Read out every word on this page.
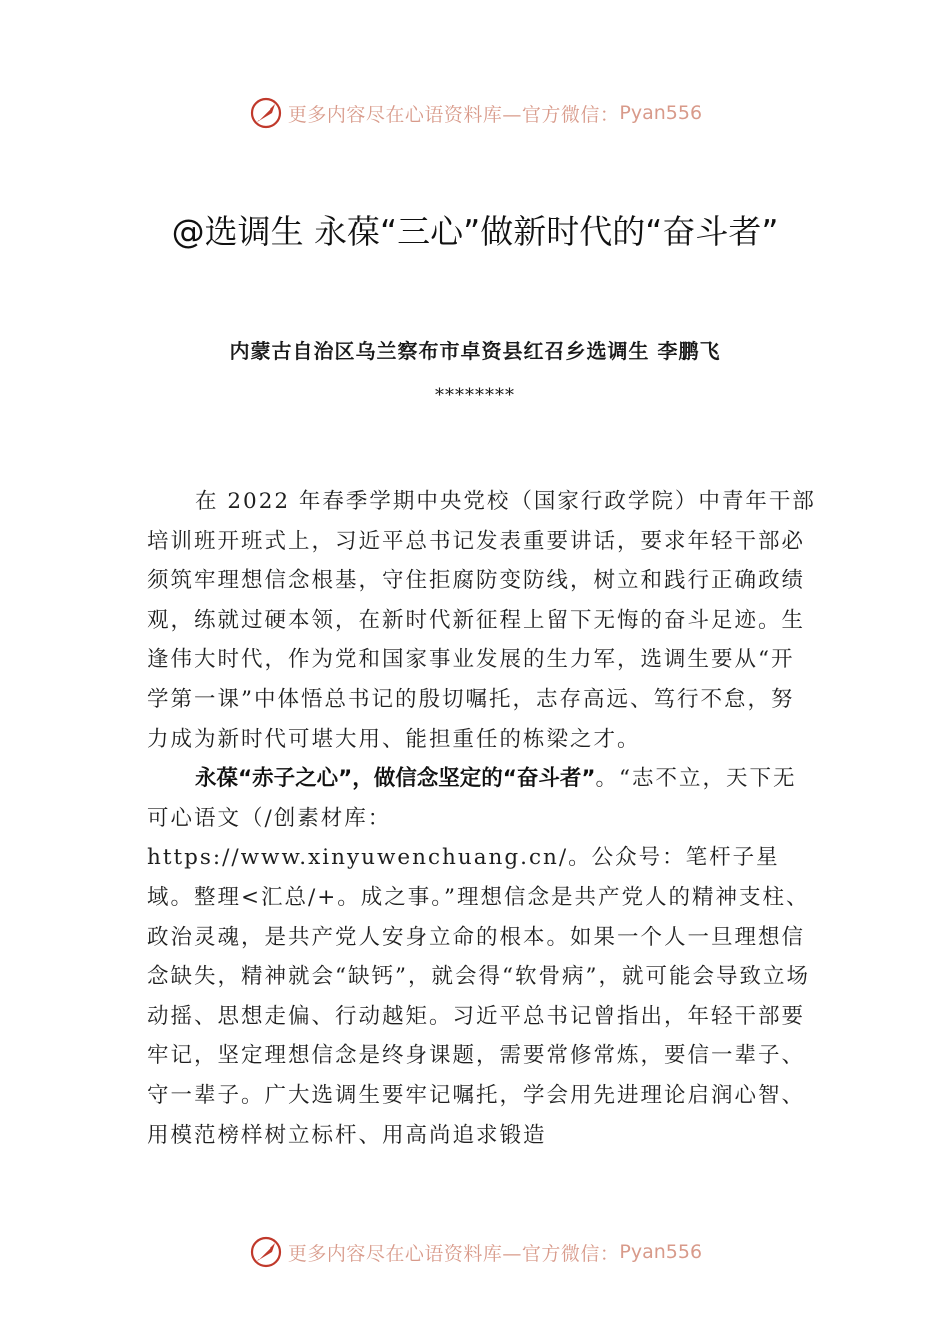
更多内容尽在心语资料库—官方微信： Pyan556
@选调生 永葆“三心”做新时代的“奋斗者”
内蒙古自治区乌兰察布市卓资县红召乡选调生 李鹏飞
********

在 2022 年春季学期中央党校（国家行政学院）中青年干部培训班开班式上，习近平总书记发表重要讲话，要求年轻干部必须筑牢理想信念根基，守住拒腐防变防线，树立和践行正确政绩观，练就过硬本领，在新时代新征程上留下无悔的奋斗足迹。生逢伟大时代，作为党和国家事业发展的生力军，选调生要从“开学第一课”中体悟总书记的殷切嘱托，志存高远、笃行不怠，努力成为新时代可堪大用、能担重任的栋梁之才。

永葆“赤子之心”，做信念坚定的“奋斗者”。“志不立，天下无可心语文（/创素材库：https://www.xinyuwenchuang.cn/。公众号：笔杆子星域。整理<汇总/+。成之事。”理想信念是共产党人的精神支柱、政治灵魂，是共产党人安身立命的根本。如果一个人一旦理想信念缺失，精神就会“缺钙”，就会得“软骨病”，就可能会导致立场动摇、思想走偏、行动越矩。习近平总书记曾指出，年轻干部要牢记，坚定理想信念是终身课题，需要常修常炼，要信一辈子、守一辈子。广大选调生要牢记嘱托，学会用先进理论启润心智、用模范榜样树立标杆、用高尚追求锻造

更多内容尽在心语资料库—官方微信： Pyan556
